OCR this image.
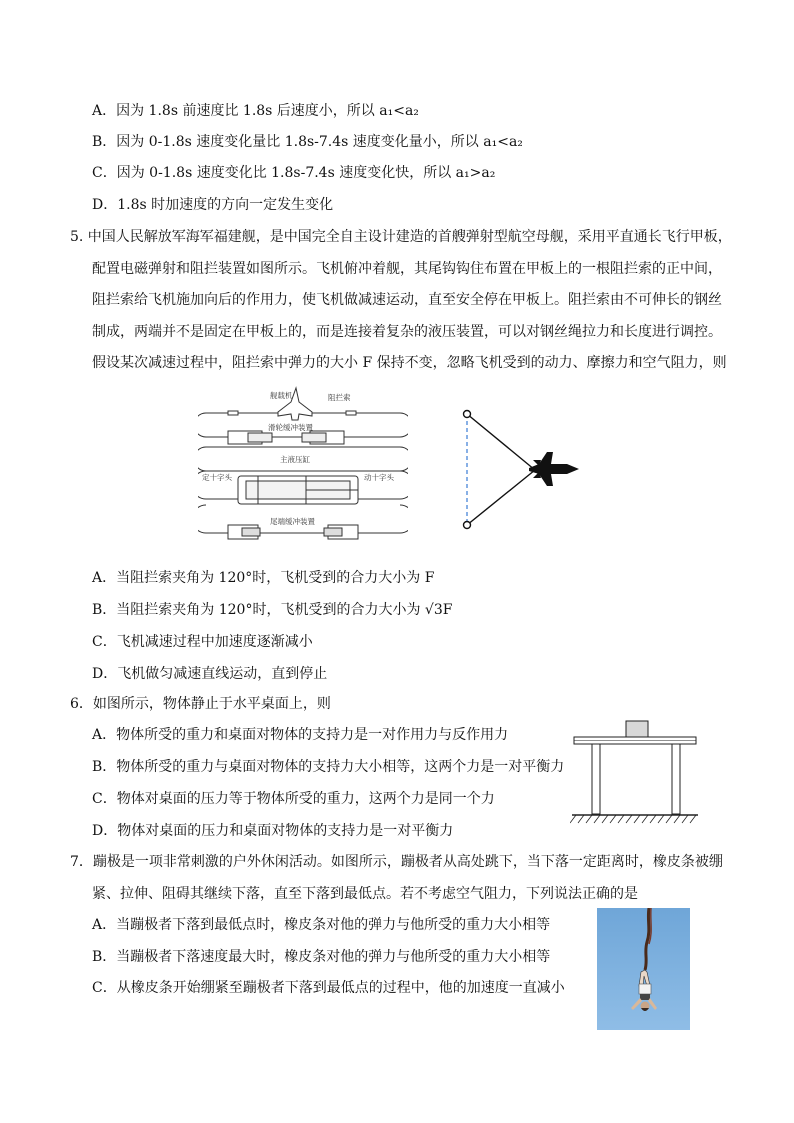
A．因为 1.8s 前速度比 1.8s 后速度小，所以 a₁<a₂
B．因为 0-1.8s 速度变化量比 1.8s-7.4s 速度变化量小，所以 a₁<a₂
C．因为 0-1.8s 速度变化比 1.8s-7.4s 速度变化快，所以 a₁>a₂
D．1.8s 时加速度的方向一定发生变化
5. 中国人民解放军海军福建舰，是中国完全自主设计建造的首艘弹射型航空母舰，采用平直通长飞行甲板，
配置电磁弹射和阻拦装置如图所示。飞机俯冲着舰，其尾钩钩住布置在甲板上的一根阻拦索的正中间，
阻拦索给飞机施加向后的作用力，使飞机做减速运动，直至安全停在甲板上。阻拦索由不可伸长的钢丝
制成，两端并不是固定在甲板上的，而是连接着复杂的液压装置，可以对钢丝绳拉力和长度进行调控。
假设某次减速过程中，阻拦索中弹力的大小 F 保持不变，忽略飞机受到的动力、摩擦力和空气阻力，则
舰载机	阻拦索
滑轮缓冲装置
主液压缸
定十字头	动十字头
尾端缓冲装置
A．当阻拦索夹角为 120°时，飞机受到的合力大小为 F
B．当阻拦索夹角为 120°时，飞机受到的合力大小为 √3F
C．飞机减速过程中加速度逐渐减小
D．飞机做匀减速直线运动，直到停止
6．如图所示，物体静止于水平桌面上，则
A．物体所受的重力和桌面对物体的支持力是一对作用力与反作用力
B．物体所受的重力与桌面对物体的支持力大小相等，这两个力是一对平衡力
C．物体对桌面的压力等于物体所受的重力，这两个力是同一个力
D．物体对桌面的压力和桌面对物体的支持力是一对平衡力
7．蹦极是一项非常刺激的户外休闲活动。如图所示，蹦极者从高处跳下，当下落一定距离时，橡皮条被绷
紧、拉伸、阻碍其继续下落，直至下落到最低点。若不考虑空气阻力，下列说法正确的是
A．当蹦极者下落到最低点时，橡皮条对他的弹力与他所受的重力大小相等
B．当蹦极者下落速度最大时，橡皮条对他的弹力与他所受的重力大小相等
C．从橡皮条开始绷紧至蹦极者下落到最低点的过程中，他的加速度一直减小
